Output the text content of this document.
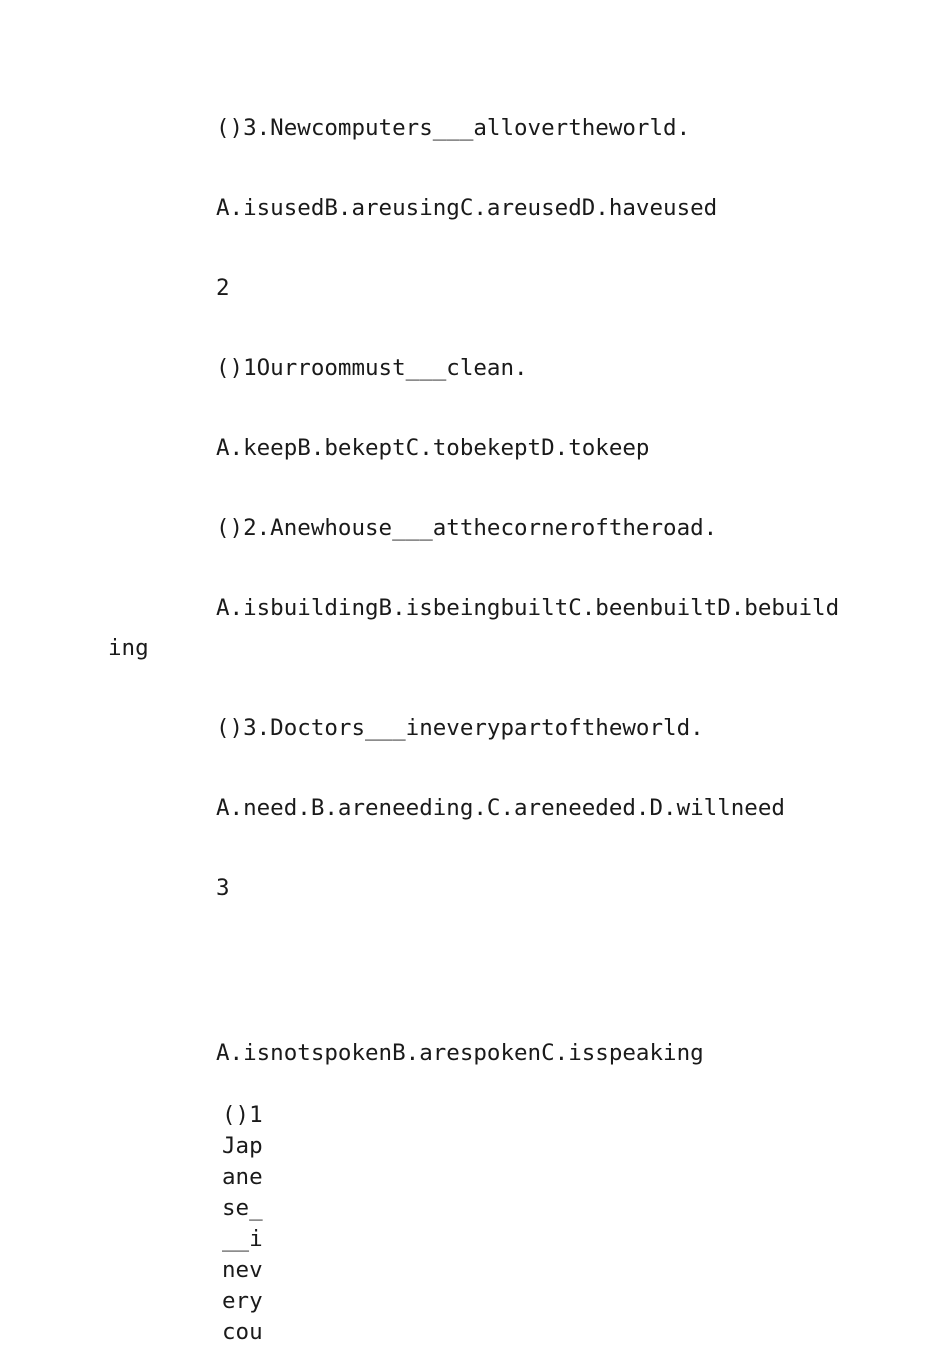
()3.Newcomputers___allovertheworld.
A.isusedB.areusingC.areusedD.haveused
2
()1Ourroommust___clean.
A.keepB.bekeptC.tobekeptD.tokeep
()2.Anewhouse___atthecorneroftheroad.
A.isbuildingB.isbeingbuiltC.beenbuiltD.bebuild
ing
()3.Doctors___ineverypartoftheworld.
A.need.B.areneeding.C.areneeded.D.willneed
3
A.isnotspokenB.arespokenC.isspeaking
()1
Jap
ane
se_
__i
nev
ery
cou
